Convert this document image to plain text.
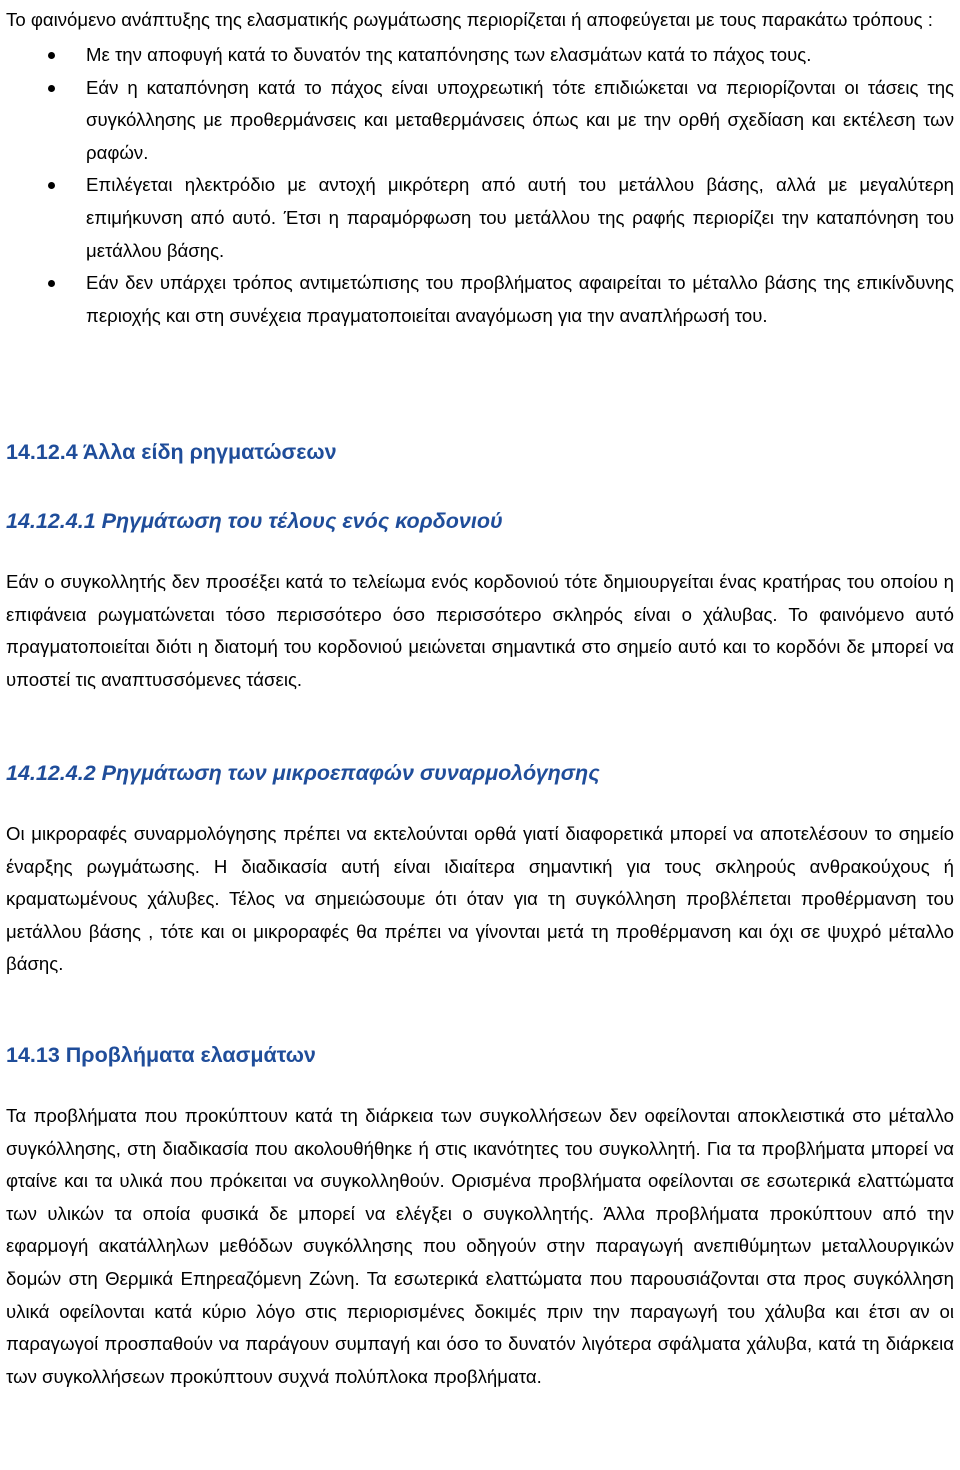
Το φαινόμενο ανάπτυξης της ελασματικής ρωγμάτωσης περιορίζεται ή αποφεύγεται με τους παρακάτω τρόπους :
Με την αποφυγή κατά το δυνατόν της καταπόνησης των ελασμάτων κατά το πάχος τους.
Εάν η καταπόνηση κατά το πάχος είναι υποχρεωτική τότε επιδιώκεται να περιορίζονται οι τάσεις της συγκόλλησης με προθερμάνσεις και μεταθερμάνσεις όπως και με την ορθή σχεδίαση και εκτέλεση των ραφών.
Επιλέγεται ηλεκτρόδιο με αντοχή μικρότερη από αυτή του μετάλλου βάσης, αλλά με μεγαλύτερη επιμήκυνση από αυτό. Έτσι η παραμόρφωση του μετάλλου της ραφής περιορίζει την καταπόνηση του μετάλλου βάσης.
Εάν δεν υπάρχει τρόπος αντιμετώπισης του προβλήματος αφαιρείται το μέταλλο βάσης της επικίνδυνης περιοχής και στη συνέχεια πραγματοποιείται αναγόμωση για την αναπλήρωσή του.
14.12.4 Άλλα είδη ρηγματώσεων
14.12.4.1 Ρηγμάτωση του τέλους ενός κορδονιού
Εάν ο συγκολλητής δεν προσέξει κατά το τελείωμα ενός κορδονιού τότε δημιουργείται ένας κρατήρας του οποίου η επιφάνεια ρωγματώνεται τόσο περισσότερο όσο περισσότερο σκληρός είναι ο χάλυβας. Το φαινόμενο αυτό πραγματοποιείται διότι η διατομή του κορδονιού μειώνεται σημαντικά στο σημείο αυτό και το κορδόνι δε μπορεί να υποστεί τις αναπτυσσόμενες τάσεις.
14.12.4.2 Ρηγμάτωση των μικροεπαφών συναρμολόγησης
Οι μικροραφές συναρμολόγησης πρέπει να εκτελούνται ορθά γιατί διαφορετικά μπορεί να αποτελέσουν το σημείο έναρξης ρωγμάτωσης. Η διαδικασία αυτή είναι ιδιαίτερα σημαντική για τους σκληρούς ανθρακούχους ή κραματωμένους χάλυβες. Τέλος να σημειώσουμε ότι όταν για τη συγκόλληση προβλέπεται προθέρμανση του μετάλλου βάσης , τότε και οι μικροραφές θα πρέπει να γίνονται μετά τη προθέρμανση και όχι σε ψυχρό μέταλλο βάσης.
14.13 Προβλήματα ελασμάτων
Τα προβλήματα που προκύπτουν κατά τη διάρκεια των συγκολλήσεων δεν οφείλονται αποκλειστικά στο μέταλλο συγκόλλησης, στη διαδικασία που ακολουθήθηκε ή στις ικανότητες του συγκολλητή. Για τα προβλήματα μπορεί να φταίνε και τα υλικά που πρόκειται να συγκολληθούν. Ορισμένα προβλήματα οφείλονται σε εσωτερικά ελαττώματα των υλικών τα οποία φυσικά δε μπορεί να ελέγξει ο συγκολλητής. Άλλα προβλήματα προκύπτουν από την εφαρμογή ακατάλληλων μεθόδων συγκόλλησης που οδηγούν στην παραγωγή ανεπιθύμητων μεταλλουργικών δομών στη Θερμικά Επηρεαζόμενη Ζώνη. Τα εσωτερικά ελαττώματα που παρουσιάζονται στα προς συγκόλληση υλικά οφείλονται κατά κύριο λόγο στις περιορισμένες δοκιμές πριν την παραγωγή του χάλυβα και έτσι αν οι παραγωγοί προσπαθούν να παράγουν συμπαγή και όσο το δυνατόν λιγότερα σφάλματα χάλυβα, κατά τη διάρκεια των συγκολλήσεων προκύπτουν συχνά πολύπλοκα προβλήματα.
